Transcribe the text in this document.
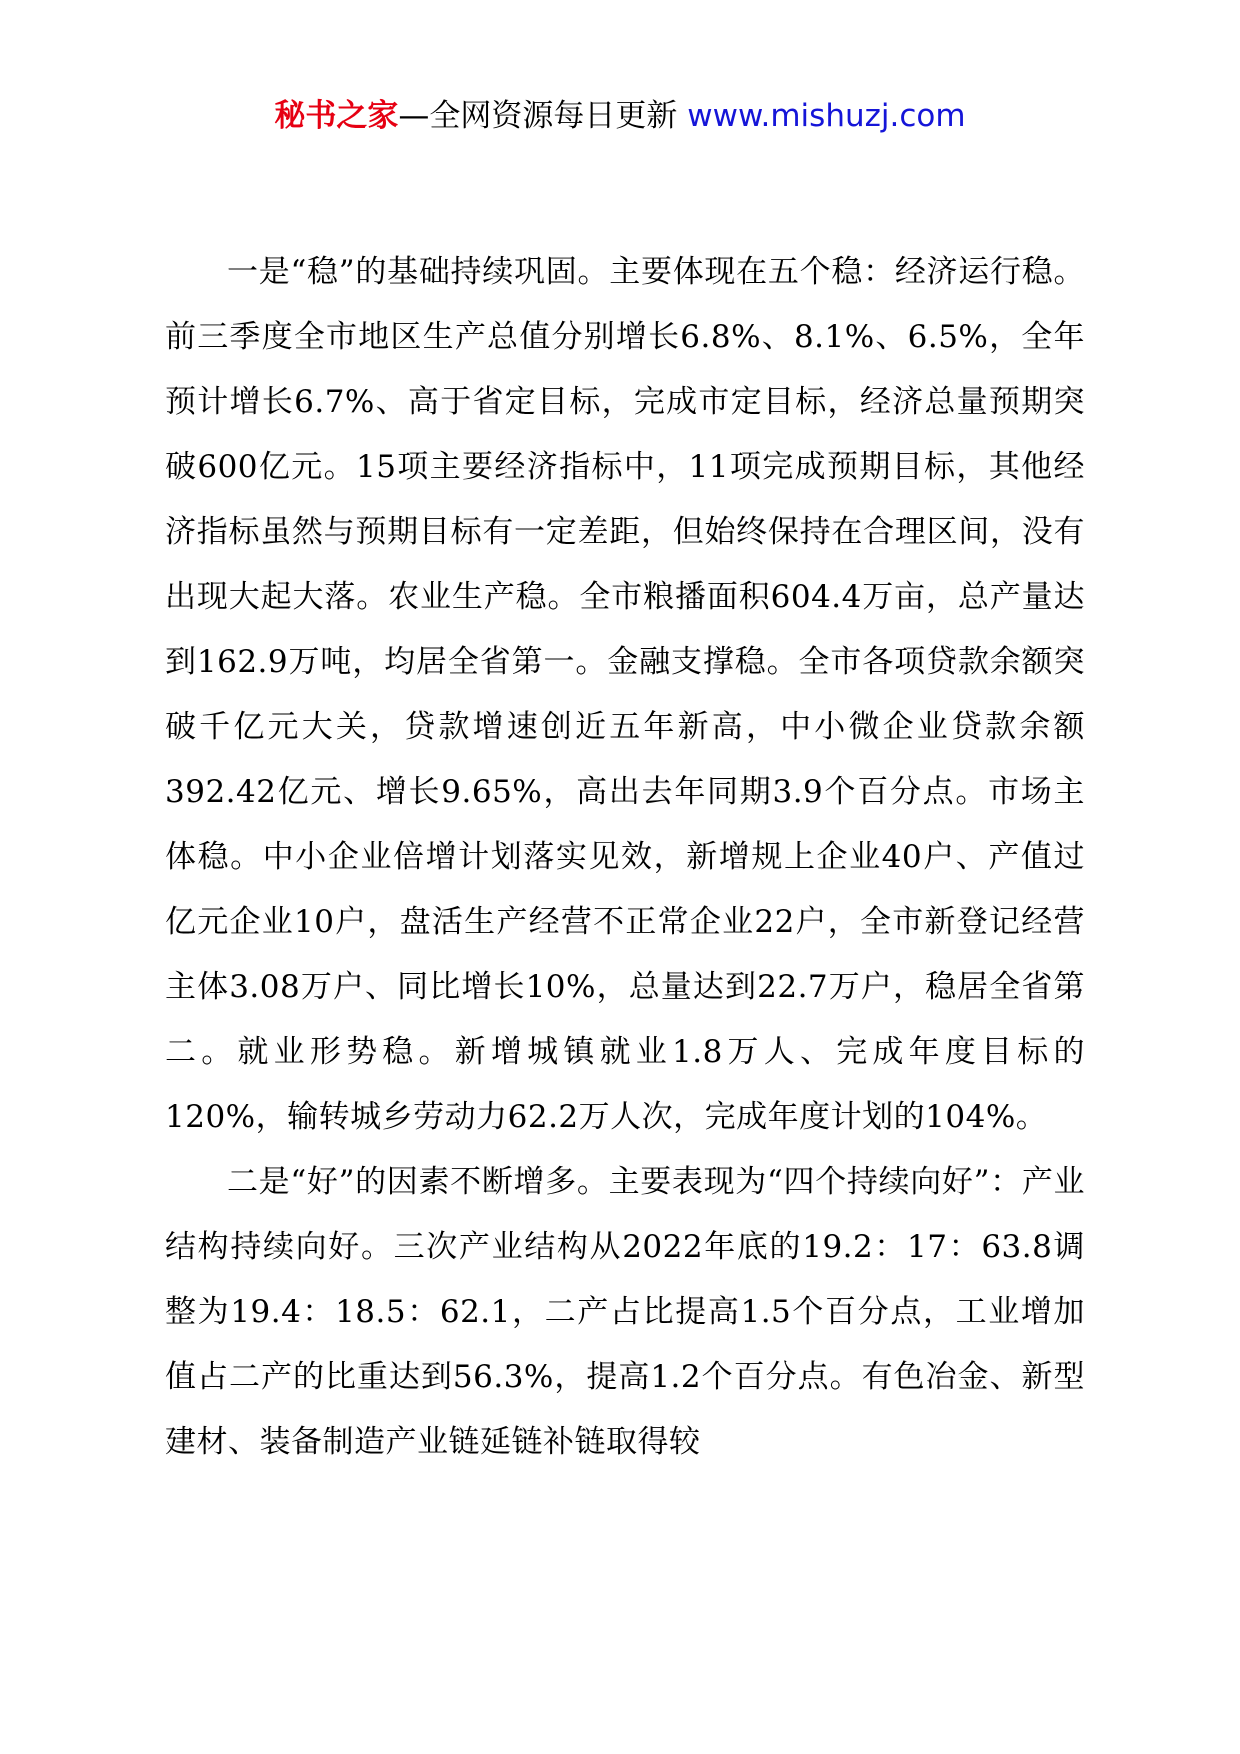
秘书之家—全网资源每日更新 www.mishuzj.com

一是“稳”的基础持续巩固。主要体现在五个稳：经济运行稳。前三季度全市地区生产总值分别增长6.8%、8.1%、6.5%，全年预计增长6.7%、高于省定目标，完成市定目标，经济总量预期突破600亿元。15项主要经济指标中，11项完成预期目标，其他经济指标虽然与预期目标有一定差距，但始终保持在合理区间，没有出现大起大落。农业生产稳。全市粮播面积604.4万亩，总产量达到162.9万吨，均居全省第一。金融支撑稳。全市各项贷款余额突破千亿元大关，贷款增速创近五年新高，中小微企业贷款余额392.42亿元、增长9.65%，高出去年同期3.9个百分点。市场主体稳。中小企业倍增计划落实见效，新增规上企业40户、产值过亿元企业10户，盘活生产经营不正常企业22户，全市新登记经营主体3.08万户、同比增长10%，总量达到22.7万户，稳居全省第二。就业形势稳。新增城镇就业1.8万人、完成年度目标的120%，输转城乡劳动力62.2万人次，完成年度计划的104%。

二是“好”的因素不断增多。主要表现为“四个持续向好”：产业结构持续向好。三次产业结构从2022年底的19.2：17：63.8调整为19.4：18.5：62.1，二产占比提高1.5个百分点，工业增加值占二产的比重达到56.3%，提高1.2个百分点。有色冶金、新型建材、装备制造产业链延链补链取得较
